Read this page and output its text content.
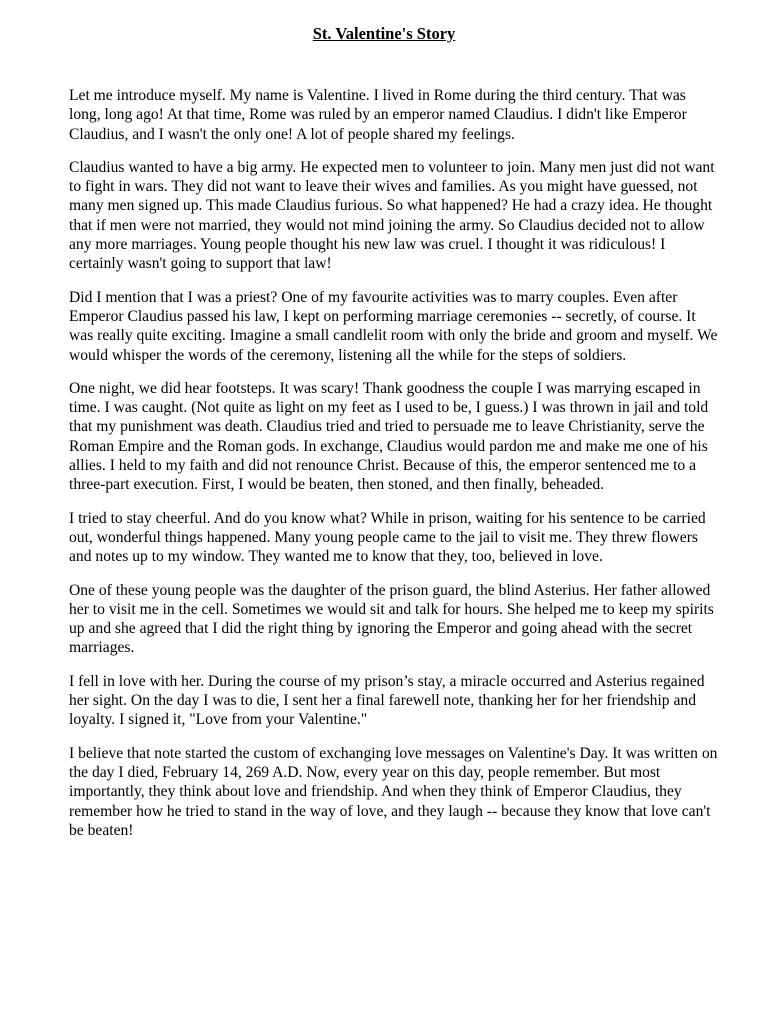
St. Valentine's Story

Let me introduce myself. My name is Valentine. I lived in Rome during the third century. That was long, long ago! At that time, Rome was ruled by an emperor named Claudius. I didn't like Emperor Claudius, and I wasn't the only one! A lot of people shared my feelings.

Claudius wanted to have a big army. He expected men to volunteer to join. Many men just did not want to fight in wars. They did not want to leave their wives and families. As you might have guessed, not many men signed up. This made Claudius furious. So what happened? He had a crazy idea. He thought that if men were not married, they would not mind joining the army. So Claudius decided not to allow any more marriages. Young people thought his new law was cruel. I thought it was ridiculous! I certainly wasn't going to support that law!

Did I mention that I was a priest? One of my favourite activities was to marry couples. Even after Emperor Claudius passed his law, I kept on performing marriage ceremonies -- secretly, of course. It was really quite exciting. Imagine a small candlelit room with only the bride and groom and myself. We would whisper the words of the ceremony, listening all the while for the steps of soldiers.

One night, we did hear footsteps. It was scary! Thank goodness the couple I was marrying escaped in time. I was caught. (Not quite as light on my feet as I used to be, I guess.) I was thrown in jail and told that my punishment was death. Claudius tried and tried to persuade me to leave Christianity, serve the Roman Empire and the Roman gods. In exchange, Claudius would pardon me and make me one of his allies. I held to my faith and did not renounce Christ. Because of this, the emperor sentenced me to a three-part execution. First, I would be beaten, then stoned, and then finally, beheaded.

I tried to stay cheerful. And do you know what? While in prison, waiting for his sentence to be carried out, wonderful things happened. Many young people came to the jail to visit me. They threw flowers and notes up to my window. They wanted me to know that they, too, believed in love.

One of these young people was the daughter of the prison guard, the blind Asterius. Her father allowed her to visit me in the cell. Sometimes we would sit and talk for hours. She helped me to keep my spirits up and she agreed that I did the right thing by ignoring the Emperor and going ahead with the secret marriages.

I fell in love with her. During the course of my prison’s stay, a miracle occurred and Asterius regained her sight. On the day I was to die, I sent her a final farewell note, thanking her for her friendship and loyalty. I signed it, "Love from your Valentine."

I believe that note started the custom of exchanging love messages on Valentine's Day. It was written on the day I died, February 14, 269 A.D. Now, every year on this day, people remember. But most importantly, they think about love and friendship. And when they think of Emperor Claudius, they remember how he tried to stand in the way of love, and they laugh -- because they know that love can't be beaten!
